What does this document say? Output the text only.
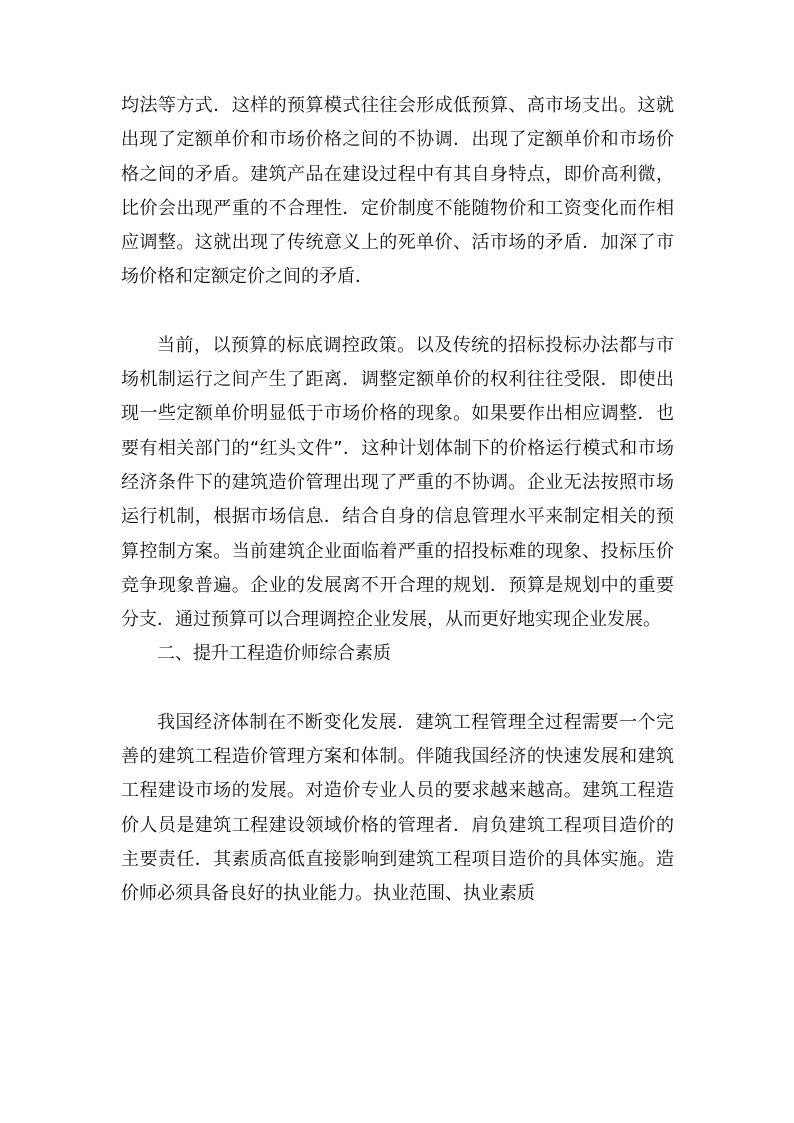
均法等方式．这样的预算模式往往会形成低预算、高市场支出。这就出现了定额单价和市场价格之间的不协调．出现了定额单价和市场价格之间的矛盾。建筑产品在建设过程中有其自身特点，即价高利微，比价会出现严重的不合理性．定价制度不能随物价和工资变化而作相应调整。这就出现了传统意义上的死单价、活市场的矛盾．加深了市场价格和定额定价之间的矛盾．

当前，以预算的标底调控政策。以及传统的招标投标办法都与市场机制运行之间产生了距离．调整定额单价的权利往往受限．即使出现一些定额单价明显低于市场价格的现象。如果要作出相应调整．也要有相关部门的“红头文件”．这种计划体制下的价格运行模式和市场经济条件下的建筑造价管理出现了严重的不协调。企业无法按照市场运行机制，根据市场信息．结合自身的信息管理水平来制定相关的预算控制方案。当前建筑企业面临着严重的招投标难的现象、投标压价竞争现象普遍。企业的发展离不开合理的规划．预算是规划中的重要分支．通过预算可以合理调控企业发展，从而更好地实现企业发展。

二、提升工程造价师综合素质

我国经济体制在不断变化发展．建筑工程管理全过程需要一个完善的建筑工程造价管理方案和体制。伴随我国经济的快速发展和建筑工程建设市场的发展。对造价专业人员的要求越来越高。建筑工程造价人员是建筑工程建设领域价格的管理者．肩负建筑工程项目造价的主要责任．其素质高低直接影响到建筑工程项目造价的具体实施。造价师必须具备良好的执业能力。执业范围、执业素质
